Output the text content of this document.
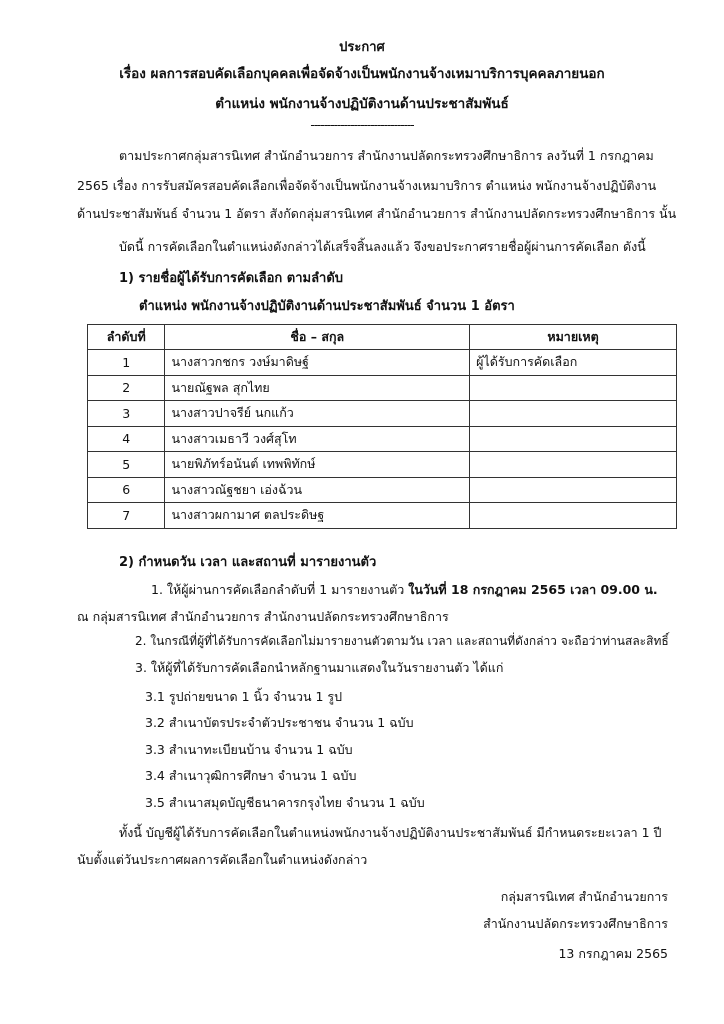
ประกาศ
เรื่อง ผลการสอบคัดเลือกบุคคลเพื่อจัดจ้างเป็นพนักงานจ้างเหมาบริการบุคคลภายนอก
ตำแหน่ง พนักงานจ้างปฏิบัติงานด้านประชาสัมพันธ์
-------------------------------
ตามประกาศกลุ่มสารนิเทศ สำนักอำนวยการ สำนักงานปลัดกระทรวงศึกษาธิการ ลงวันที่ 1 กรกฎาคม
2565 เรื่อง การรับสมัครสอบคัดเลือกเพื่อจัดจ้างเป็นพนักงานจ้างเหมาบริการ ตำแหน่ง พนักงานจ้างปฏิบัติงาน
ด้านประชาสัมพันธ์ จำนวน 1 อัตรา สังกัดกลุ่มสารนิเทศ สำนักอำนวยการ สำนักงานปลัดกระทรวงศึกษาธิการ นั้น
บัดนี้ การคัดเลือกในตำแหน่งดังกล่าวได้เสร็จสิ้นลงแล้ว จึงขอประกาศรายชื่อผู้ผ่านการคัดเลือก ดังนี้
1) รายชื่อผู้ได้รับการคัดเลือก ตามลำดับ
ตำแหน่ง พนักงานจ้างปฏิบัติงานด้านประชาสัมพันธ์ จำนวน 1 อัตรา
ลำดับที่	ชื่อ – สกุล	หมายเหตุ
1	นางสาวกชกร วงษ์มาดิษฐ์	ผู้ได้รับการคัดเลือก
2	นายณัฐพล สุกไทย	
3	นางสาวปาจรีย์ นกแก้ว	
4	นางสาวเมธาวี วงศ์สุโท	
5	นายพิภัทร์อนันต์ เทพพิทักษ์	
6	นางสาวณัฐชยา เอ่งฉ้วน	
7	นางสาวผกามาศ ตลประดิษฐ	
2) กำหนดวัน เวลา และสถานที่ มารายงานตัว
1. ให้ผู้ผ่านการคัดเลือกลำดับที่ 1 มารายงานตัว ในวันที่ 18 กรกฎาคม 2565 เวลา 09.00 น.
ณ กลุ่มสารนิเทศ สำนักอำนวยการ สำนักงานปลัดกระทรวงศึกษาธิการ
2. ในกรณีที่ผู้ที่ได้รับการคัดเลือกไม่มารายงานตัวตามวัน เวลา และสถานที่ดังกล่าว จะถือว่าท่านสละสิทธิ์
3. ให้ผู้ที่ได้รับการคัดเลือกนำหลักฐานมาแสดงในวันรายงานตัว ได้แก่
3.1 รูปถ่ายขนาด 1 นิ้ว จำนวน 1 รูป
3.2 สำเนาบัตรประจำตัวประชาชน จำนวน 1 ฉบับ
3.3 สำเนาทะเบียนบ้าน จำนวน 1 ฉบับ
3.4 สำเนาวุฒิการศึกษา จำนวน 1 ฉบับ
3.5 สำเนาสมุดบัญชีธนาคารกรุงไทย จำนวน 1 ฉบับ
ทั้งนี้ บัญชีผู้ได้รับการคัดเลือกในตำแหน่งพนักงานจ้างปฏิบัติงานประชาสัมพันธ์ มีกำหนดระยะเวลา 1 ปี
นับตั้งแต่วันประกาศผลการคัดเลือกในตำแหน่งดังกล่าว
กลุ่มสารนิเทศ สำนักอำนวยการ
สำนักงานปลัดกระทรวงศึกษาธิการ
13 กรกฎาคม 2565
